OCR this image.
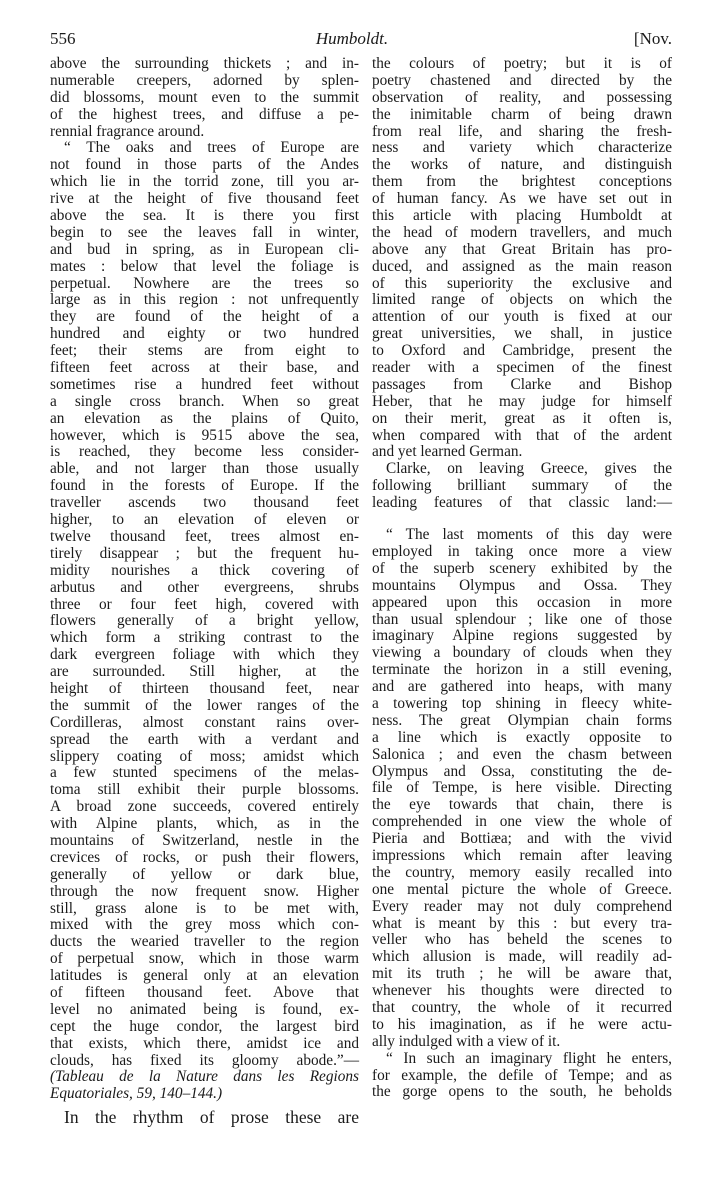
556	Humboldt.	[Nov.
above the surrounding thickets ; and in-
numerable creepers, adorned by splen-
did blossoms, mount even to the summit
of the highest trees, and diffuse a pe-
rennial fragrance around.
“ The oaks and trees of Europe are
not found in those parts of the Andes
which lie in the torrid zone, till you ar-
rive at the height of five thousand feet
above the sea. It is there you first
begin to see the leaves fall in winter,
and bud in spring, as in European cli-
mates : below that level the foliage is
perpetual. Nowhere are the trees so
large as in this region : not unfrequently
they are found of the height of a
hundred and eighty or two hundred
feet; their stems are from eight to
fifteen feet across at their base, and
sometimes rise a hundred feet without
a single cross branch. When so great
an elevation as the plains of Quito,
however, which is 9515 above the sea,
is reached, they become less consider-
able, and not larger than those usually
found in the forests of Europe. If the
traveller ascends two thousand feet
higher, to an elevation of eleven or
twelve thousand feet, trees almost en-
tirely disappear ; but the frequent hu-
midity nourishes a thick covering of
arbutus and other evergreens, shrubs
three or four feet high, covered with
flowers generally of a bright yellow,
which form a striking contrast to the
dark evergreen foliage with which they
are surrounded. Still higher, at the
height of thirteen thousand feet, near
the summit of the lower ranges of the
Cordilleras, almost constant rains over-
spread the earth with a verdant and
slippery coating of moss; amidst which
a few stunted specimens of the melas-
toma still exhibit their purple blossoms.
A broad zone succeeds, covered entirely
with Alpine plants, which, as in the
mountains of Switzerland, nestle in the
crevices of rocks, or push their flowers,
generally of yellow or dark blue,
through the now frequent snow. Higher
still, grass alone is to be met with,
mixed with the grey moss which con-
ducts the wearied traveller to the region
of perpetual snow, which in those warm
latitudes is general only at an elevation
of fifteen thousand feet. Above that
level no animated being is found, ex-
cept the huge condor, the largest bird
that exists, which there, amidst ice and
clouds, has fixed its gloomy abode.”—
(Tableau de la Nature dans les Regions
Equatoriales, 59, 140–144.)
In the rhythm of prose these are
the colours of poetry; but it is of
poetry chastened and directed by the
observation of reality, and possessing
the inimitable charm of being drawn
from real life, and sharing the fresh-
ness and variety which characterize
the works of nature, and distinguish
them from the brightest conceptions
of human fancy. As we have set out in
this article with placing Humboldt at
the head of modern travellers, and much
above any that Great Britain has pro-
duced, and assigned as the main reason
of this superiority the exclusive and
limited range of objects on which the
attention of our youth is fixed at our
great universities, we shall, in justice
to Oxford and Cambridge, present the
reader with a specimen of the finest
passages from Clarke and Bishop
Heber, that he may judge for himself
on their merit, great as it often is,
when compared with that of the ardent
and yet learned German.
Clarke, on leaving Greece, gives the
following brilliant summary of the
leading features of that classic land:—
“ The last moments of this day were
employed in taking once more a view
of the superb scenery exhibited by the
mountains Olympus and Ossa. They
appeared upon this occasion in more
than usual splendour ; like one of those
imaginary Alpine regions suggested by
viewing a boundary of clouds when they
terminate the horizon in a still evening,
and are gathered into heaps, with many
a towering top shining in fleecy white-
ness. The great Olympian chain forms
a line which is exactly opposite to
Salonica ; and even the chasm between
Olympus and Ossa, constituting the de-
file of Tempe, is here visible. Directing
the eye towards that chain, there is
comprehended in one view the whole of
Pieria and Bottiæa; and with the vivid
impressions which remain after leaving
the country, memory easily recalled into
one mental picture the whole of Greece.
Every reader may not duly comprehend
what is meant by this : but every tra-
veller who has beheld the scenes to
which allusion is made, will readily ad-
mit its truth ; he will be aware that,
whenever his thoughts were directed to
that country, the whole of it recurred
to his imagination, as if he were actu-
ally indulged with a view of it.
“ In such an imaginary flight he enters,
for example, the defile of Tempe; and as
the gorge opens to the south, he beholds
